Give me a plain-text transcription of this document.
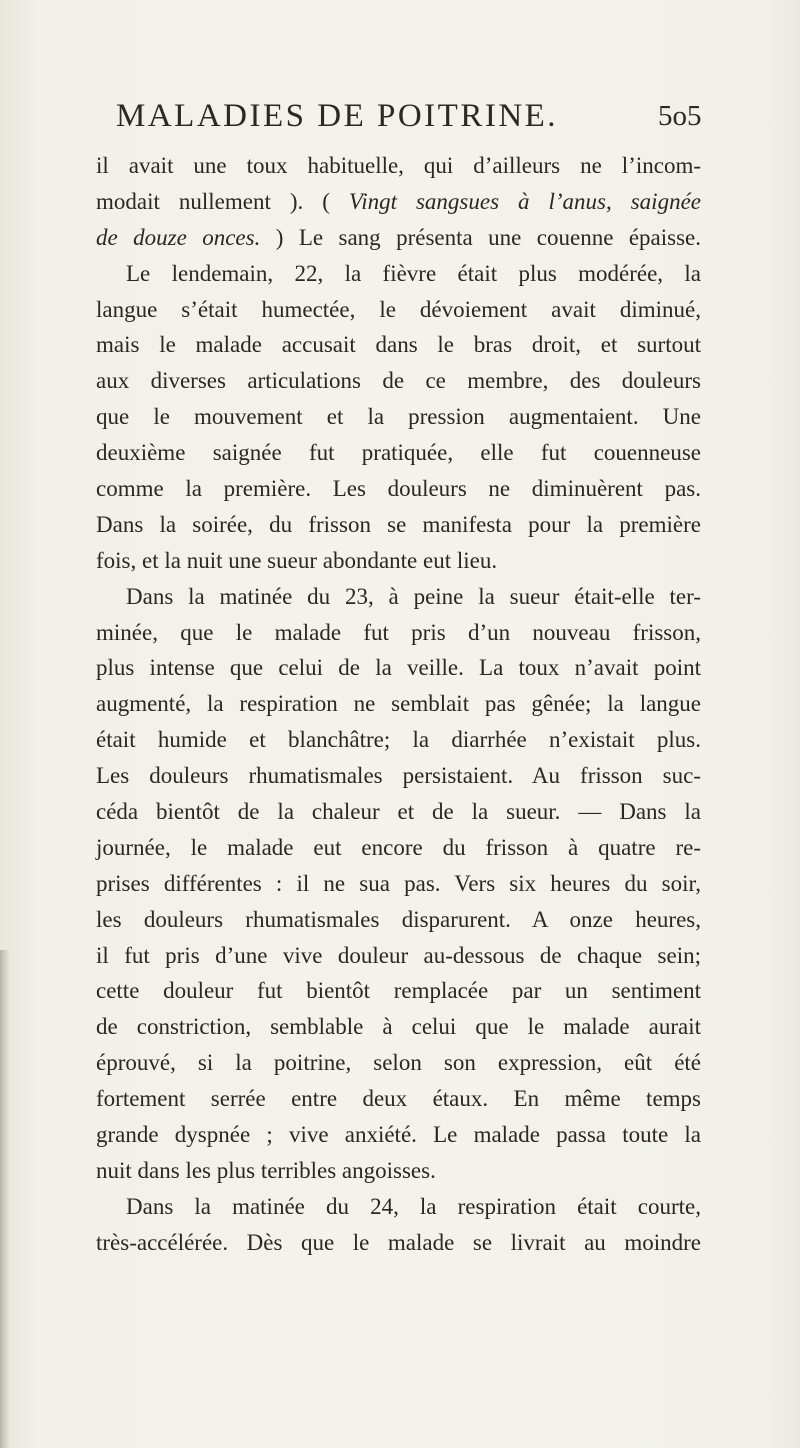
MALADIES DE POITRINE.	5o5
il avait une toux habituelle, qui d’ailleurs ne l’incom-
modait nullement ). ( Vingt sangsues à l’anus, saignée
de douze onces. ) Le sang présenta une couenne épaisse.
Le lendemain, 22, la fièvre était plus modérée, la
langue s’était humectée, le dévoiement avait diminué,
mais le malade accusait dans le bras droit, et surtout
aux diverses articulations de ce membre, des douleurs
que le mouvement et la pression augmentaient. Une
deuxième saignée fut pratiquée, elle fut couenneuse
comme la première. Les douleurs ne diminuèrent pas.
Dans la soirée, du frisson se manifesta pour la première
fois, et la nuit une sueur abondante eut lieu.
Dans la matinée du 23, à peine la sueur était-elle ter-
minée, que le malade fut pris d’un nouveau frisson,
plus intense que celui de la veille. La toux n’avait point
augmenté, la respiration ne semblait pas gênée; la langue
était humide et blanchâtre; la diarrhée n’existait plus.
Les douleurs rhumatismales persistaient. Au frisson suc-
céda bientôt de la chaleur et de la sueur. — Dans la
journée, le malade eut encore du frisson à quatre re-
prises différentes : il ne sua pas. Vers six heures du soir,
les douleurs rhumatismales disparurent. A onze heures,
il fut pris d’une vive douleur au-dessous de chaque sein;
cette douleur fut bientôt remplacée par un sentiment
de constriction, semblable à celui que le malade aurait
éprouvé, si la poitrine, selon son expression, eût été
fortement serrée entre deux étaux. En même temps
grande dyspnée ; vive anxiété. Le malade passa toute la
nuit dans les plus terribles angoisses.
Dans la matinée du 24, la respiration était courte,
très-accélérée. Dès que le malade se livrait au moindre
